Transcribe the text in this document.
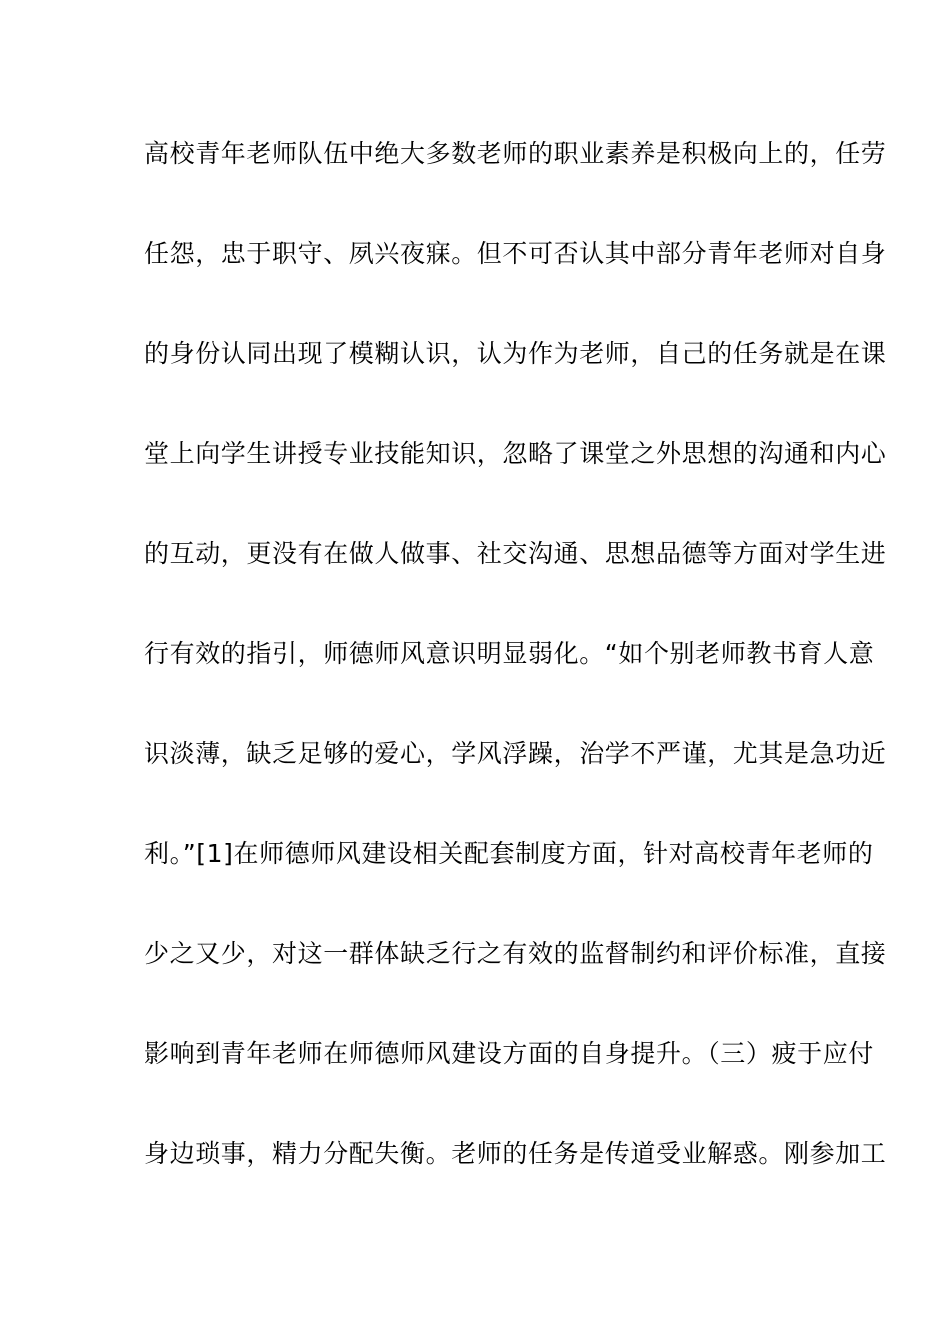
高校青年老师队伍中绝大多数老师的职业素养是积极向上的，任劳
任怨，忠于职守、夙兴夜寐。但不可否认其中部分青年老师对自身
的身份认同出现了模糊认识，认为作为老师，自己的任务就是在课
堂上向学生讲授专业技能知识，忽略了课堂之外思想的沟通和内心
的互动，更没有在做人做事、社交沟通、思想品德等方面对学生进
行有效的指引，师德师风意识明显弱化。“如个别老师教书育人意
识淡薄，缺乏足够的爱心，学风浮躁，治学不严谨，尤其是急功近
利。”[1]在师德师风建设相关配套制度方面，针对高校青年老师的
少之又少，对这一群体缺乏行之有效的监督制约和评价标准，直接
影响到青年老师在师德师风建设方面的自身提升。（三）疲于应付
身边琐事，精力分配失衡。老师的任务是传道受业解惑。刚参加工
